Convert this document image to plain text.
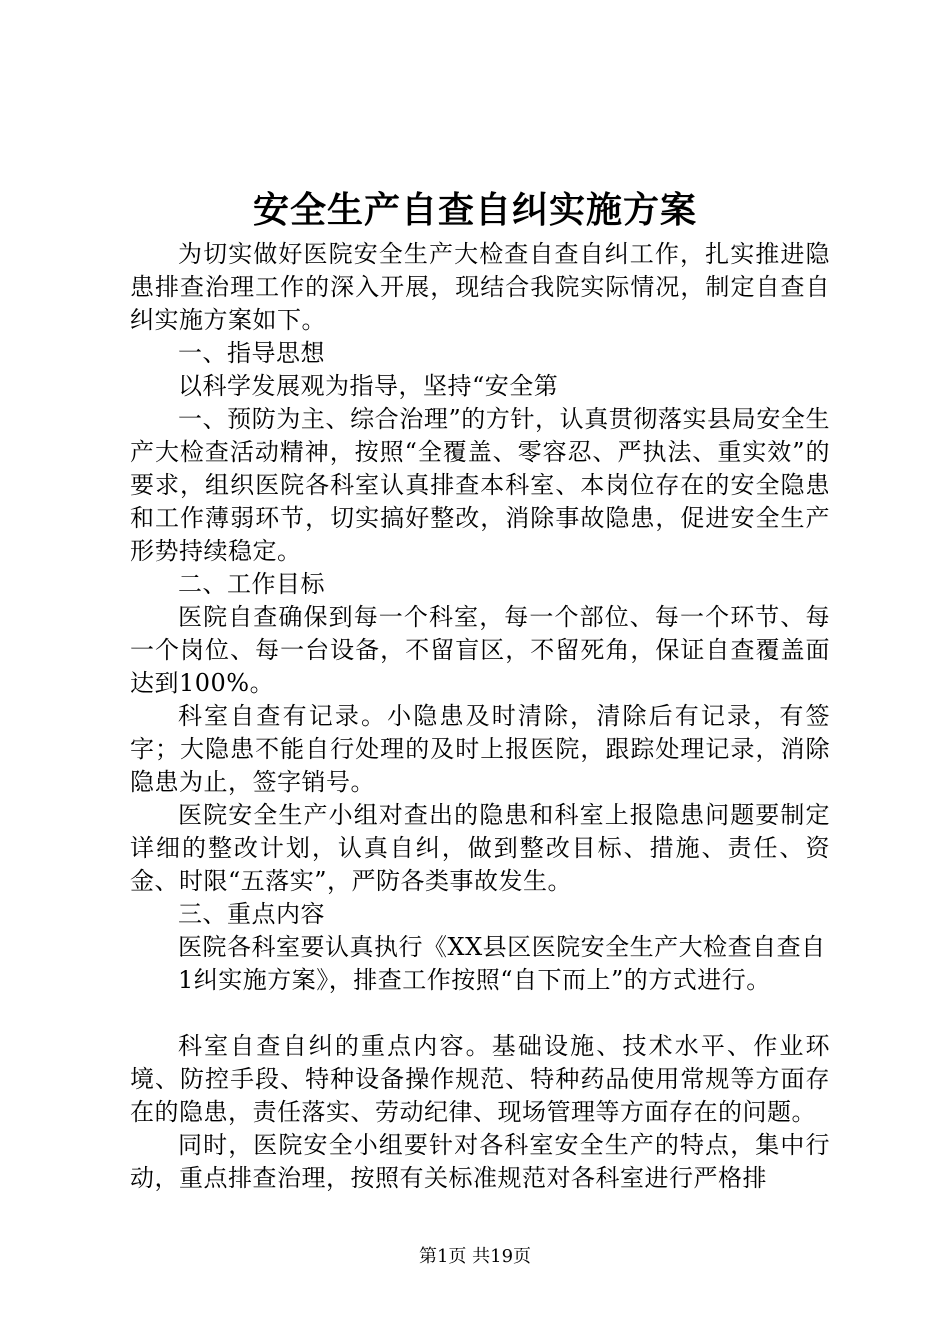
安全生产自查自纠实施方案

为切实做好医院安全生产大检查自查自纠工作，扎实推进隐患排查治理工作的深入开展，现结合我院实际情况，制定自查自纠实施方案如下。

一、指导思想

以科学发展观为指导，坚持“安全第

一、预防为主、综合治理”的方针，认真贯彻落实县局安全生产大检查活动精神，按照“全覆盖、零容忍、严执法、重实效”的要求，组织医院各科室认真排查本科室、本岗位存在的安全隐患和工作薄弱环节，切实搞好整改，消除事故隐患，促进安全生产形势持续稳定。

二、工作目标

医院自查确保到每一个科室，每一个部位、每一个环节、每一个岗位、每一台设备，不留盲区，不留死角，保证自查覆盖面达到100%。

科室自查有记录。小隐患及时清除，清除后有记录，有签字；大隐患不能自行处理的及时上报医院，跟踪处理记录，消除隐患为止，签字销号。

医院安全生产小组对查出的隐患和科室上报隐患问题要制定详细的整改计划，认真自纠，做到整改目标、措施、责任、资金、时限“五落实”，严防各类事故发生。

三、重点内容

医院各科室要认真执行《XX县区医院安全生产大检查自查自

1纠实施方案》，排查工作按照“自下而上”的方式进行。

科室自查自纠的重点内容。基础设施、技术水平、作业环境、防控手段、特种设备操作规范、特种药品使用常规等方面存在的隐患，责任落实、劳动纪律、现场管理等方面存在的问题。

同时，医院安全小组要针对各科室安全生产的特点，集中行动，重点排查治理，按照有关标准规范对各科室进行严格排

第1页 共19页
